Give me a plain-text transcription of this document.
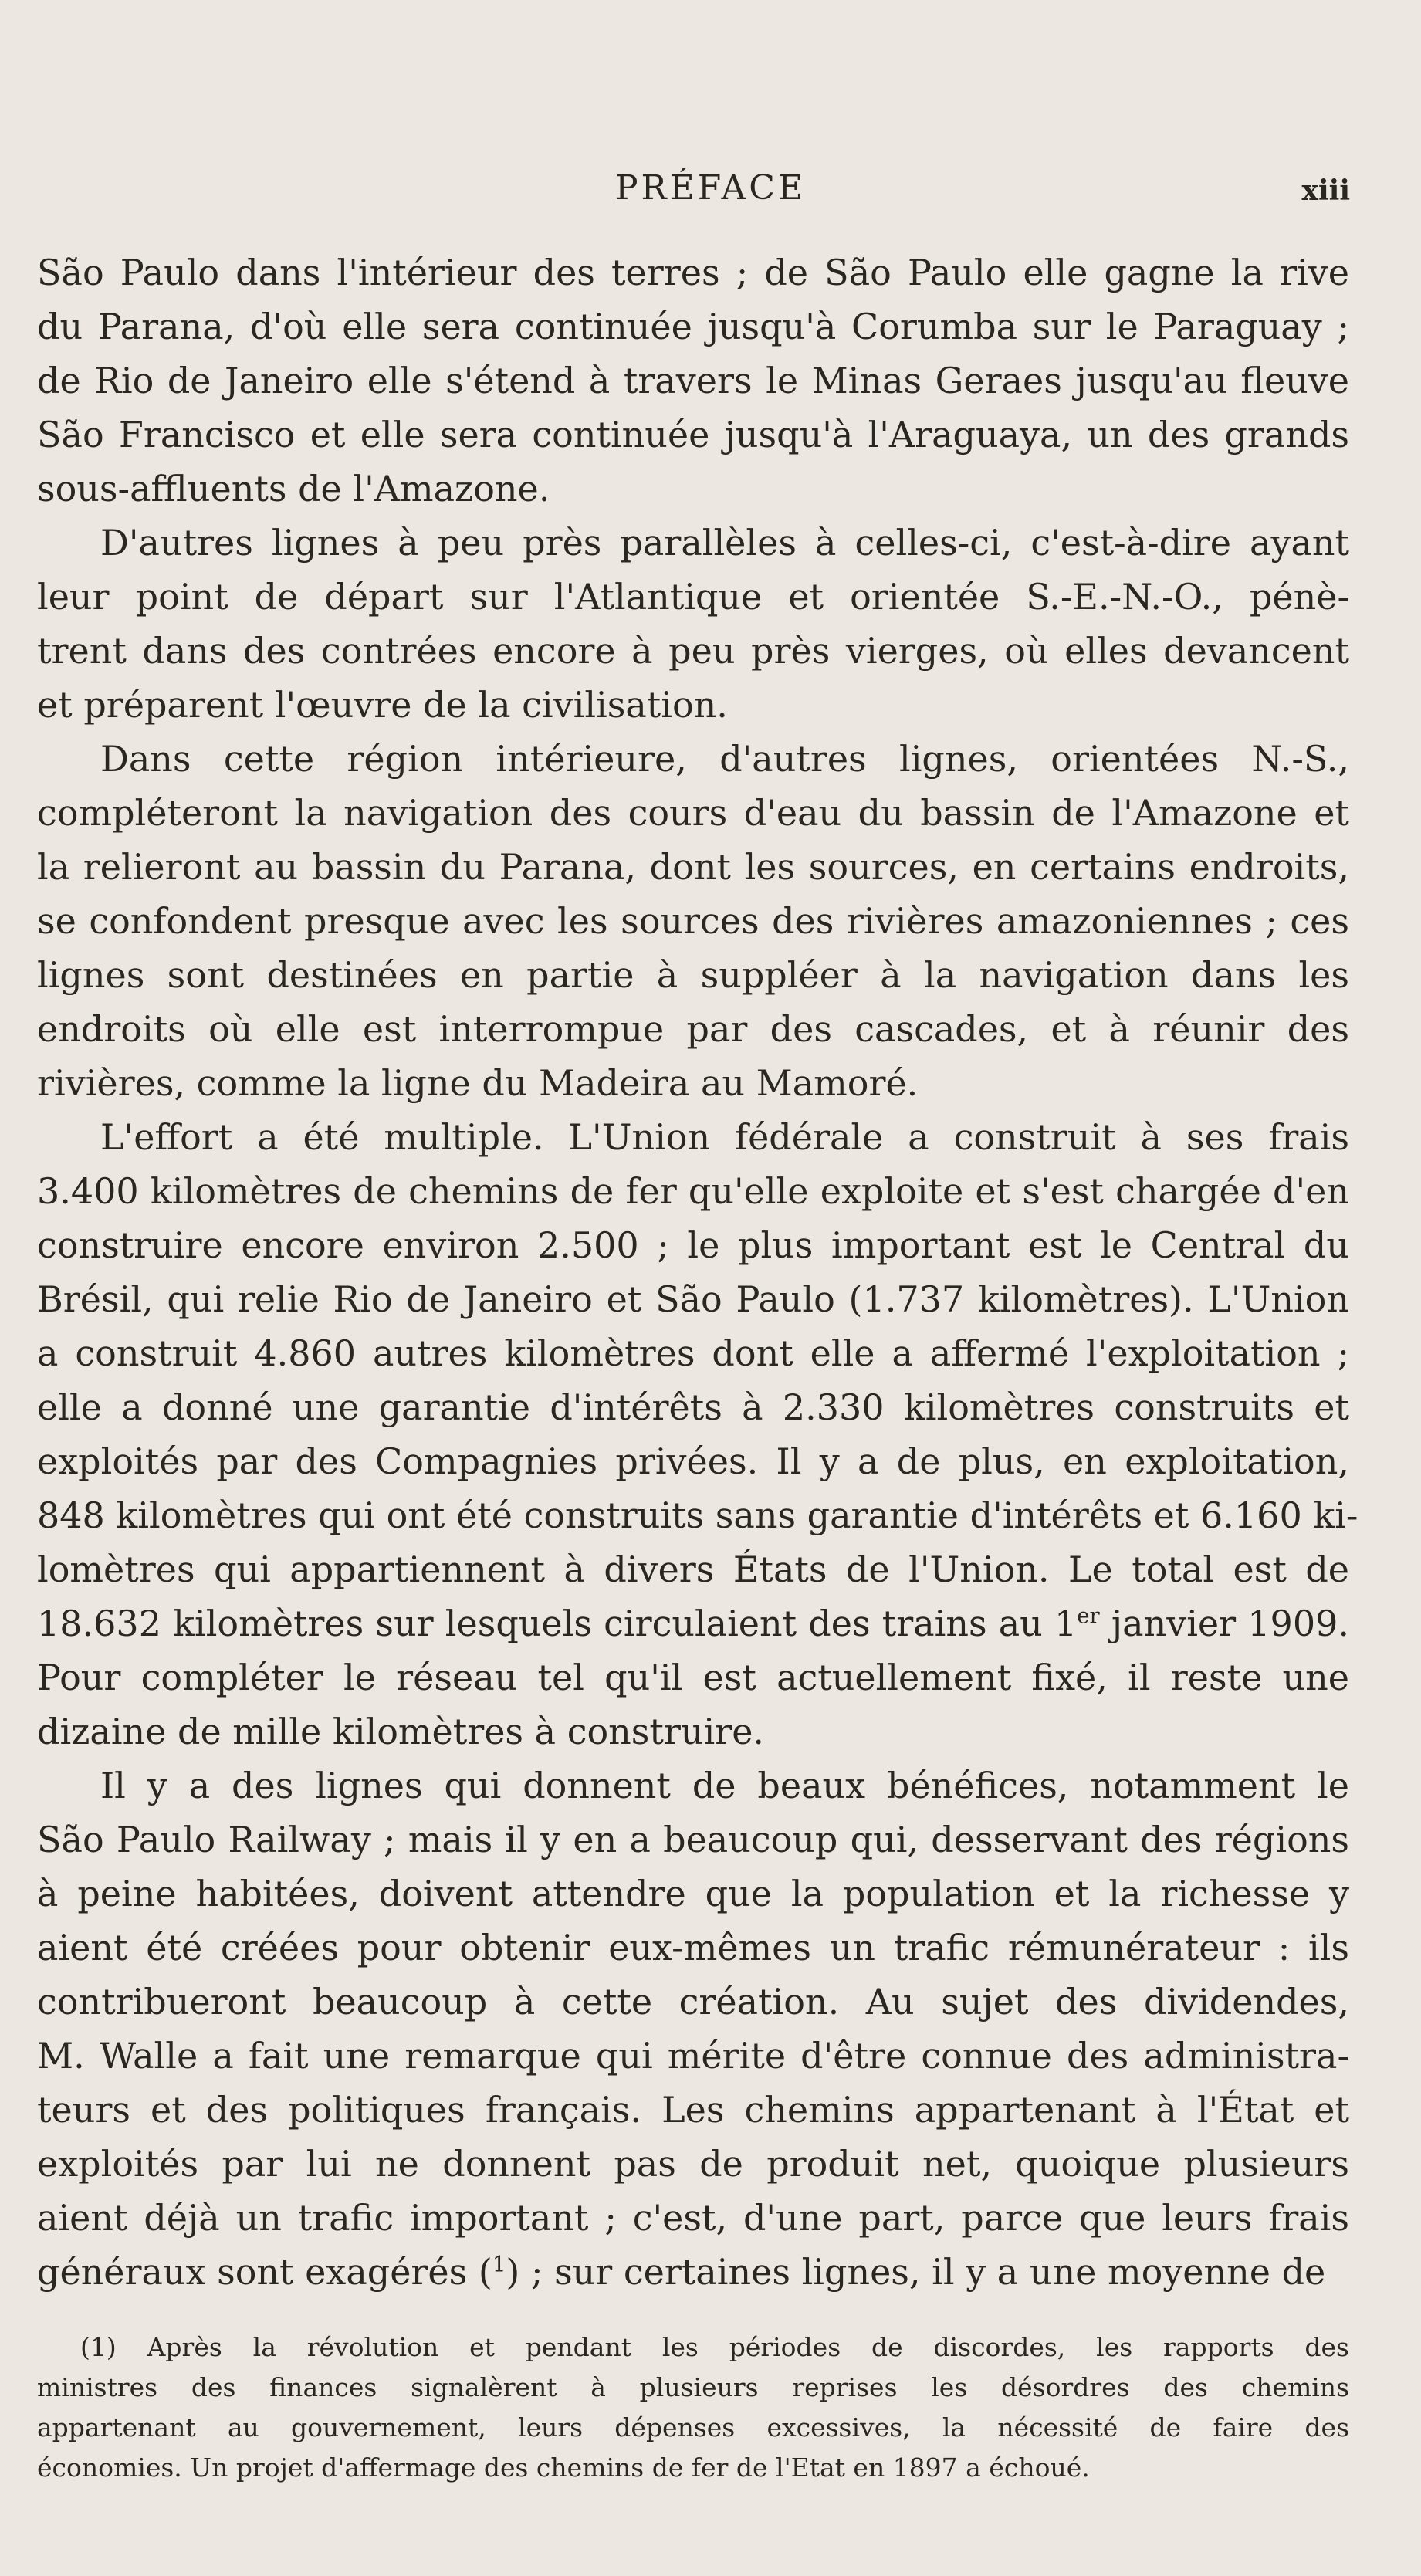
PRÉFACE	xiii
São Paulo dans l'intérieur des terres ; de São Paulo elle gagne la rive
du Parana, d'où elle sera continuée jusqu'à Corumba sur le Paraguay ;
de Rio de Janeiro elle s'étend à travers le Minas Geraes jusqu'au fleuve
São Francisco et elle sera continuée jusqu'à l'Araguaya, un des grands
sous-affluents de l'Amazone.
D'autres lignes à peu près parallèles à celles-ci, c'est-à-dire ayant
leur point de départ sur l'Atlantique et orientée S.-E.-N.-O., pénè-
trent dans des contrées encore à peu près vierges, où elles devancent
et préparent l'œuvre de la civilisation.
Dans cette région intérieure, d'autres lignes, orientées N.-S.,
compléteront la navigation des cours d'eau du bassin de l'Amazone et
la relieront au bassin du Parana, dont les sources, en certains endroits,
se confondent presque avec les sources des rivières amazoniennes ; ces
lignes sont destinées en partie à suppléer à la navigation dans les
endroits où elle est interrompue par des cascades, et à réunir des
rivières, comme la ligne du Madeira au Mamoré.
L'effort a été multiple. L'Union fédérale a construit à ses frais
3.400 kilomètres de chemins de fer qu'elle exploite et s'est chargée d'en
construire encore environ 2.500 ; le plus important est le Central du
Brésil, qui relie Rio de Janeiro et São Paulo (1.737 kilomètres). L'Union
a construit 4.860 autres kilomètres dont elle a affermé l'exploitation ;
elle a donné une garantie d'intérêts à 2.330 kilomètres construits et
exploités par des Compagnies privées. Il y a de plus, en exploitation,
848 kilomètres qui ont été construits sans garantie d'intérêts et 6.160 ki-
lomètres qui appartiennent à divers États de l'Union. Le total est de
18.632 kilomètres sur lesquels circulaient des trains au 1er janvier 1909.
Pour compléter le réseau tel qu'il est actuellement fixé, il reste une
dizaine de mille kilomètres à construire.
Il y a des lignes qui donnent de beaux bénéfices, notamment le
São Paulo Railway ; mais il y en a beaucoup qui, desservant des régions
à peine habitées, doivent attendre que la population et la richesse y
aient été créées pour obtenir eux-mêmes un trafic rémunérateur : ils
contribueront beaucoup à cette création. Au sujet des dividendes,
M. Walle a fait une remarque qui mérite d'être connue des administra-
teurs et des politiques français. Les chemins appartenant à l'État et
exploités par lui ne donnent pas de produit net, quoique plusieurs
aient déjà un trafic important ; c'est, d'une part, parce que leurs frais
généraux sont exagérés ($^1$) ; sur certaines lignes, il y a une moyenne de
(1) Après la révolution et pendant les périodes de discordes, les rapports des
ministres des finances signalèrent à plusieurs reprises les désordres des chemins
appartenant au gouvernement, leurs dépenses excessives, la nécessité de faire des
économies. Un projet d'affermage des chemins de fer de l'Etat en 1897 a échoué.
